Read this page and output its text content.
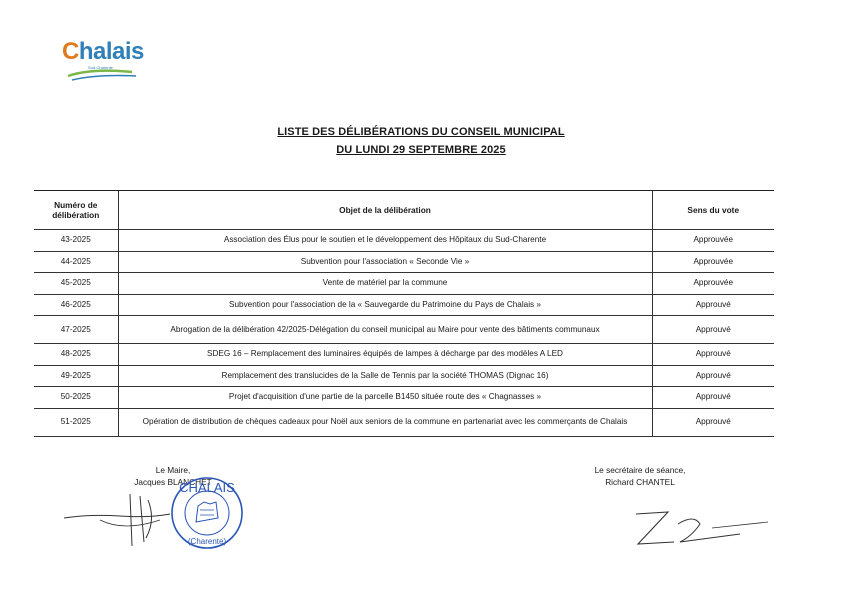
Chalais
Sud-Charente
LISTE DES DÉLIBÉRATIONS DU CONSEIL MUNICIPAL
DU LUNDI 29 SEPTEMBRE 2025
Numéro de
délibération	Objet de la délibération	Sens du vote
43-2025	Association des Élus pour le soutien et le développement des Hôpitaux du Sud-Charente	Approuvée
44-2025	Subvention pour l'association « Seconde Vie »	Approuvée
45-2025	Vente de matériel par la commune	Approuvée
46-2025	Subvention pour l'association de la « Sauvegarde du Patrimoine du Pays de Chalais »	Approuvé
47-2025	Abrogation de la délibération 42/2025-Délégation du conseil municipal au Maire pour vente des bâtiments communaux	Approuvé
48-2025	SDEG 16 – Remplacement des luminaires équipés de lampes à décharge par des modèles A LED	Approuvé
49-2025	Remplacement des translucides de la Salle de Tennis par la société THOMAS (Dignac 16)	Approuvé
50-2025	Projet d'acquisition d'une partie de la parcelle B1450 située route des « Chagnasses »	Approuvé
51-2025	Opération de distribution de chèques cadeaux pour Noël aux seniors de la commune en partenariat avec les commerçants de Chalais	Approuvé
Le Maire,
Jacques BLANCHET
CHALAIS
(Charente)
Le secrétaire de séance,
Richard CHANTEL
